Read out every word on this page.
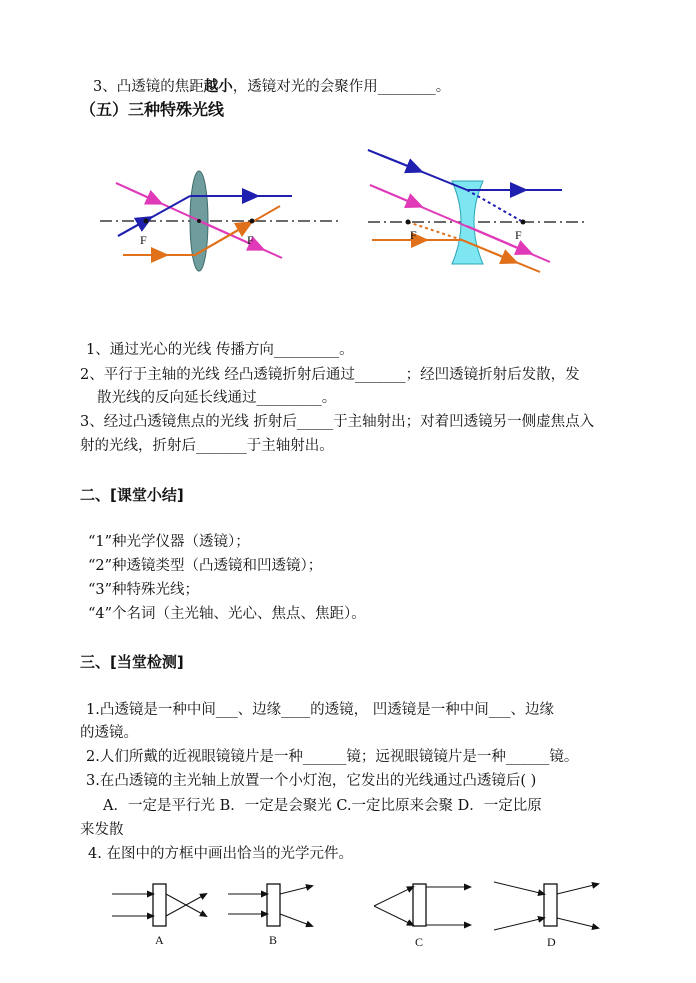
3、凸透镜的焦距越小，透镜对光的会聚作用________。
（五）三种特殊光线
F	F	F	F
1、通过光心的光线 传播方向_________。
2、平行于主轴的光线 经凸透镜折射后通过_______；经凹透镜折射后发散，发
散光线的反向延长线通过_________。
3、经过凸透镜焦点的光线 折射后_____于主轴射出；对着凹透镜另一侧虚焦点入
射的光线，折射后_______于主轴射出。
二、[课堂小结]
“1”种光学仪器（透镜）；
“2”种透镜类型（凸透镜和凹透镜）；
“3”种特殊光线；
“4”个名词（主光轴、光心、焦点、焦距）。
三、[当堂检测]
1.凸透镜是一种中间___、边缘____的透镜， 凹透镜是一种中间___、边缘
的透镜。
2.人们所戴的近视眼镜镜片是一种______镜；远视眼镜镜片是一种______镜。
3.在凸透镜的主光轴上放置一个小灯泡，它发出的光线通过凸透镜后( )
A．一定是平行光 B．一定是会聚光 C.一定比原来会聚 D．一定比原
来发散
4. 在图中的方框中画出恰当的光学元件。
A	B	C	D
